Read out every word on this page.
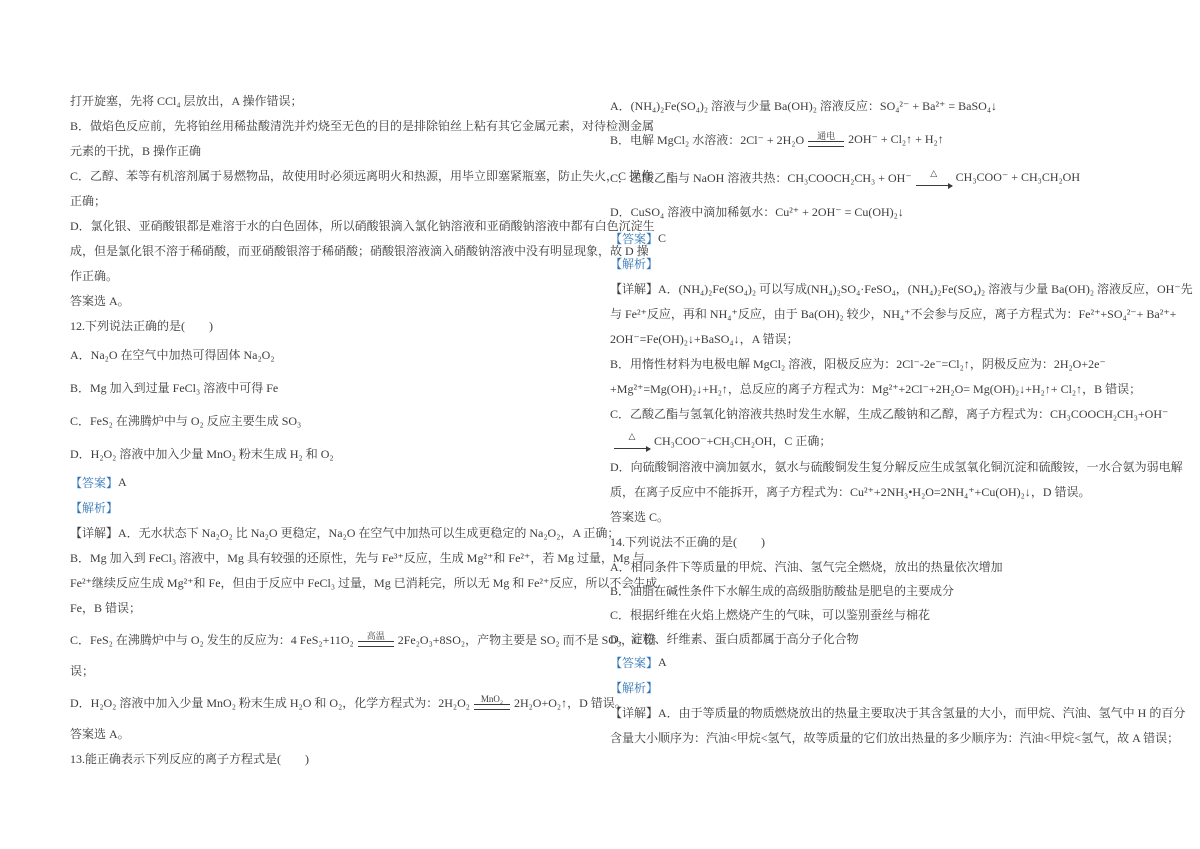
打开旋塞，先将 CCl₄ 层放出，A 操作错误；
B．做焰色反应前，先将铂丝用稀盐酸清洗并灼烧至无色的目的是排除铂丝上粘有其它金属元素，对待检测金属
元素的干扰，B 操作正确
C．乙醇、苯等有机溶剂属于易燃物品，故使用时必须远离明火和热源，用毕立即塞紧瓶塞，防止失火，C 操作
正确；
D．氯化银、亚硝酸银都是难溶于水的白色固体，所以硝酸银滴入氯化钠溶液和亚硝酸钠溶液中都有白色沉淀生
成，但是氯化银不溶于稀硝酸，而亚硝酸银溶于稀硝酸；硝酸银溶液滴入硝酸钠溶液中没有明显现象，故 D 操
作正确。
答案选 A。
12.下列说法正确的是(　　)
A．Na₂O 在空气中加热可得固体 Na₂O₂
B．Mg 加入到过量 FeCl₃ 溶液中可得 Fe
C．FeS₂ 在沸腾炉中与 O₂ 反应主要生成 SO₃
D．H₂O₂ 溶液中加入少量 MnO₂ 粉末生成 H₂ 和 O₂
【答案】 A
【解析】
【详解】A．无水状态下 Na₂O₂ 比 Na₂O 更稳定，Na₂O 在空气中加热可以生成更稳定的 Na₂O₂，A 正确；
B．Mg 加入到 FeCl₃ 溶液中，Mg 具有较强的还原性，先与 Fe³⁺反应，生成 Mg²⁺和 Fe²⁺，若 Mg 过量，Mg 与
Fe²⁺继续反应生成 Mg²⁺和 Fe，但由于反应中 FeCl₃ 过量，Mg 已消耗完，所以无 Mg 和 Fe²⁺反应，所以不会生成
Fe，B 错误；
C．FeS₂ 在沸腾炉中与 O₂ 发生的反应为：4 FeS₂+11O₂ 高温 2Fe₂O₃+8SO₂，产物主要是 SO₂ 而不是 SO₃，C 错
误；
D．H₂O₂ 溶液中加入少量 MnO₂ 粉末生成 H₂O 和 O₂，化学方程式为：2H₂O₂ MnO₂ 2H₂O+O₂↑，D 错误。
答案选 A。
13.能正确表示下列反应的离子方程式是(　　)
A．(NH₄)₂Fe(SO₄)₂ 溶液与少量 Ba(OH)₂ 溶液反应：SO₄²⁻ + Ba²⁺ = BaSO₄↓
B．电解 MgCl₂ 水溶液：2Cl⁻ + 2H₂O 通电 2OH⁻ + Cl₂↑ + H₂↑
C．乙酸乙酯与 NaOH 溶液共热：CH₃COOCH₂CH₃ + OH⁻ △ CH₃COO⁻ + CH₃CH₂OH
D．CuSO₄ 溶液中滴加稀氨水：Cu²⁺ + 2OH⁻ = Cu(OH)₂↓
【答案】 C
【解析】
【详解】A．(NH₄)₂Fe(SO₄)₂ 可以写成(NH₄)₂SO₄·FeSO₄，(NH₄)₂Fe(SO₄)₂ 溶液与少量 Ba(OH)₂ 溶液反应，OH⁻先
与 Fe²⁺反应，再和 NH₄⁺反应，由于 Ba(OH)₂ 较少，NH₄⁺不会参与反应，离子方程式为：Fe²⁺+SO₄²⁻+ Ba²⁺+
2OH⁻=Fe(OH)₂↓+BaSO₄↓，A 错误；
B．用惰性材料为电极电解 MgCl₂ 溶液，阳极反应为：2Cl⁻-2e⁻=Cl₂↑，阴极反应为：2H₂O+2e⁻
+Mg²⁺=Mg(OH)₂↓+H₂↑，总反应的离子方程式为：Mg²⁺+2Cl⁻+2H₂O= Mg(OH)₂↓+H₂↑+ Cl₂↑，B 错误；
C．乙酸乙酯与氢氧化钠溶液共热时发生水解，生成乙酸钠和乙醇，离子方程式为：CH₃COOCH₂CH₃+OH⁻
△ CH₃COO⁻+CH₃CH₂OH，C 正确；
D．向硫酸铜溶液中滴加氨水，氨水与硫酸铜发生复分解反应生成氢氧化铜沉淀和硫酸铵，一水合氨为弱电解
质，在离子反应中不能拆开，离子方程式为：Cu²⁺+2NH₃•H₂O=2NH₄⁺+Cu(OH)₂↓，D 错误。
答案选 C。
14.下列说法不正确的是(　　)
A．相同条件下等质量的甲烷、汽油、氢气完全燃烧，放出的热量依次增加
B．油脂在碱性条件下水解生成的高级脂肪酸盐是肥皂的主要成分
C．根据纤维在火焰上燃烧产生的气味，可以鉴别蚕丝与棉花
D．淀粉、纤维素、蛋白质都属于高分子化合物
【答案】 A
【解析】
【详解】A．由于等质量的物质燃烧放出的热量主要取决于其含氢量的大小，而甲烷、汽油、氢气中 H 的百分
含量大小顺序为：汽油<甲烷<氢气，故等质量的它们放出热量的多少顺序为：汽油<甲烷<氢气，故 A 错误；
